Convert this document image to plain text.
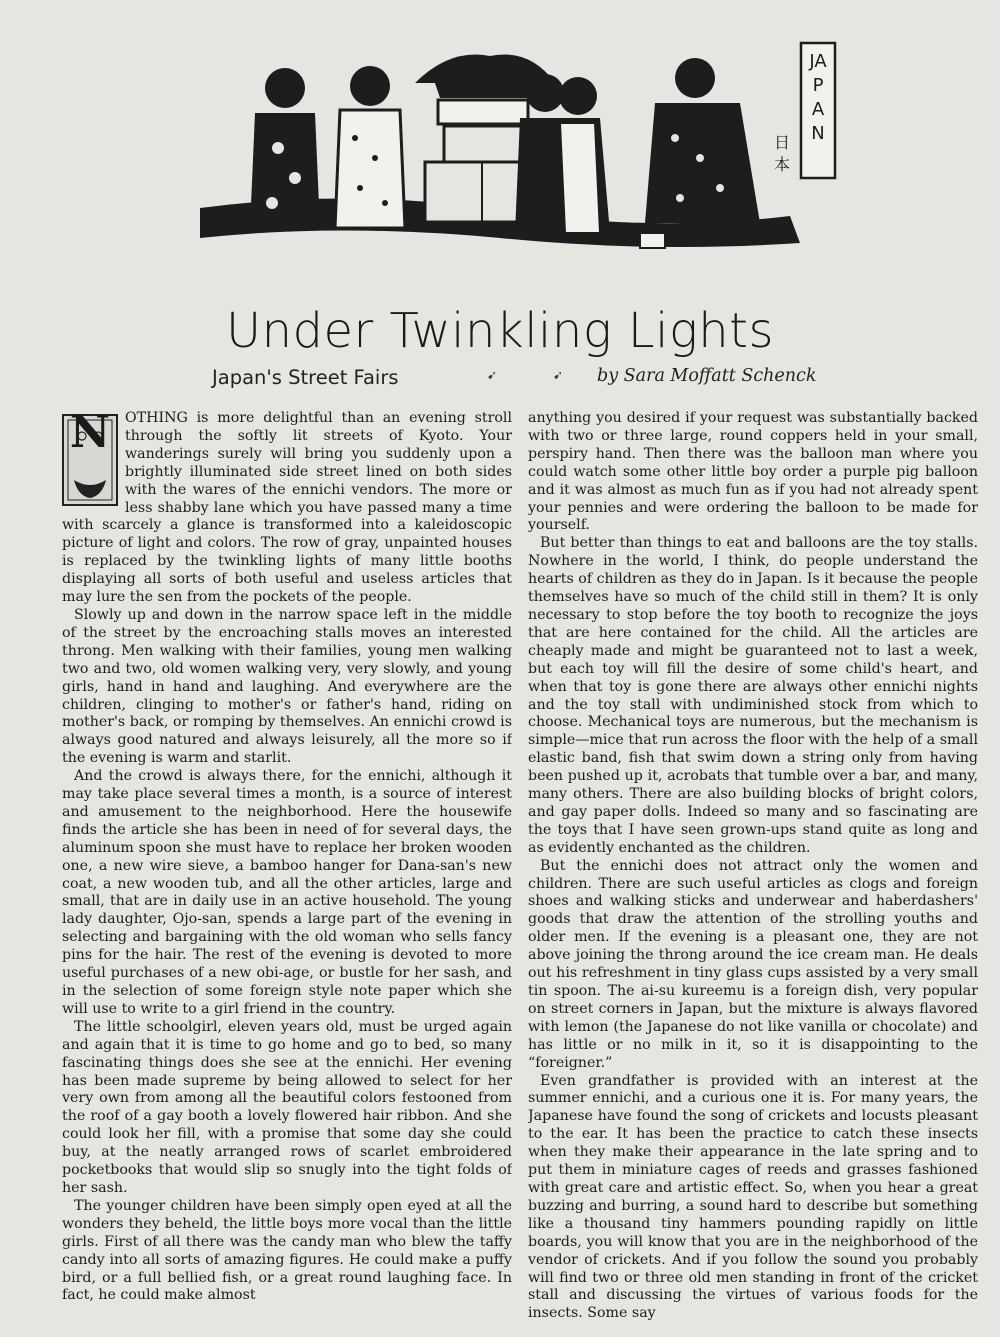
JAPAN
日本
Under Twinkling Lights
Japan's Street Fairs	➹	➹ by Sara Moffatt Schenck

N	OTHING is more delightful than an evening stroll through the softly lit streets of Kyoto. Your wanderings surely will bring you suddenly upon a brightly illuminated side street lined on both sides with the wares of the ennichi vendors. The more or less shabby lane which you have passed many a time with scarcely a glance is transformed into a kaleidoscopic picture of light and colors. The row of gray, unpainted houses is replaced by the twinkling lights of many little booths displaying all sorts of both useful and useless articles that may lure the sen from the pockets of the people.

Slowly up and down in the narrow space left in the middle of the street by the encroaching stalls moves an interested throng. Men walking with their families, young men walking two and two, old women walking very, very slowly, and young girls, hand in hand and laughing. And everywhere are the children, clinging to mother's or father's hand, riding on mother's back, or romping by themselves. An ennichi crowd is always good natured and always leisurely, all the more so if the evening is warm and starlit.

And the crowd is always there, for the ennichi, although it may take place several times a month, is a source of interest and amusement to the neighborhood. Here the housewife finds the article she has been in need of for several days, the aluminum spoon she must have to replace her broken wooden one, a new wire sieve, a bamboo hanger for Dana-san's new coat, a new wooden tub, and all the other articles, large and small, that are in daily use in an active household. The young lady daughter, Ojo-san, spends a large part of the evening in selecting and bargaining with the old woman who sells fancy pins for the hair. The rest of the evening is devoted to more useful purchases of a new obi-age, or bustle for her sash, and in the selection of some foreign style note paper which she will use to write to a girl friend in the country.

The little schoolgirl, eleven years old, must be urged again and again that it is time to go home and go to bed, so many fascinating things does she see at the ennichi. Her evening has been made supreme by being allowed to select for her very own from among all the beautiful colors festooned from the roof of a gay booth a lovely flowered hair ribbon. And she could look her fill, with a promise that some day she could buy, at the neatly arranged rows of scarlet embroidered pocketbooks that would slip so snugly into the tight folds of her sash.

The younger children have been simply open eyed at all the wonders they beheld, the little boys more vocal than the little girls. First of all there was the candy man who blew the taffy candy into all sorts of amazing figures. He could make a puffy bird, or a full bellied fish, or a great round laughing face. In fact, he could make almost

anything you desired if your request was substantially backed with two or three large, round coppers held in your small, perspiry hand. Then there was the balloon man where you could watch some other little boy order a purple pig balloon and it was almost as much fun as if you had not already spent your pennies and were ordering the balloon to be made for yourself.

But better than things to eat and balloons are the toy stalls. Nowhere in the world, I think, do people understand the hearts of children as they do in Japan. Is it because the people themselves have so much of the child still in them? It is only necessary to stop before the toy booth to recognize the joys that are here contained for the child. All the articles are cheaply made and might be guaranteed not to last a week, but each toy will fill the desire of some child's heart, and when that toy is gone there are always other ennichi nights and the toy stall with undiminished stock from which to choose. Mechanical toys are numerous, but the mechanism is simple—mice that run across the floor with the help of a small elastic band, fish that swim down a string only from having been pushed up it, acrobats that tumble over a bar, and many, many others. There are also building blocks of bright colors, and gay paper dolls. Indeed so many and so fascinating are the toys that I have seen grown-ups stand quite as long and as evidently enchanted as the children.

But the ennichi does not attract only the women and children. There are such useful articles as clogs and foreign shoes and walking sticks and underwear and haberdashers' goods that draw the attention of the strolling youths and older men. If the evening is a pleasant one, they are not above joining the throng around the ice cream man. He deals out his refreshment in tiny glass cups assisted by a very small tin spoon. The ai-su kureemu is a foreign dish, very popular on street corners in Japan, but the mixture is always flavored with lemon (the Japanese do not like vanilla or chocolate) and has little or no milk in it, so it is disappointing to the “foreigner.”

Even grandfather is provided with an interest at the summer ennichi, and a curious one it is. For many years, the Japanese have found the song of crickets and locusts pleasant to the ear. It has been the practice to catch these insects when they make their appearance in the late spring and to put them in miniature cages of reeds and grasses fashioned with great care and artistic effect. So, when you hear a great buzzing and burring, a sound hard to describe but something like a thousand tiny hammers pounding rapidly on little boards, you will know that you are in the neighborhood of the vendor of crickets. And if you follow the sound you probably will find two or three old men standing in front of the cricket stall and discussing the virtues of various foods for the insects. Some say
